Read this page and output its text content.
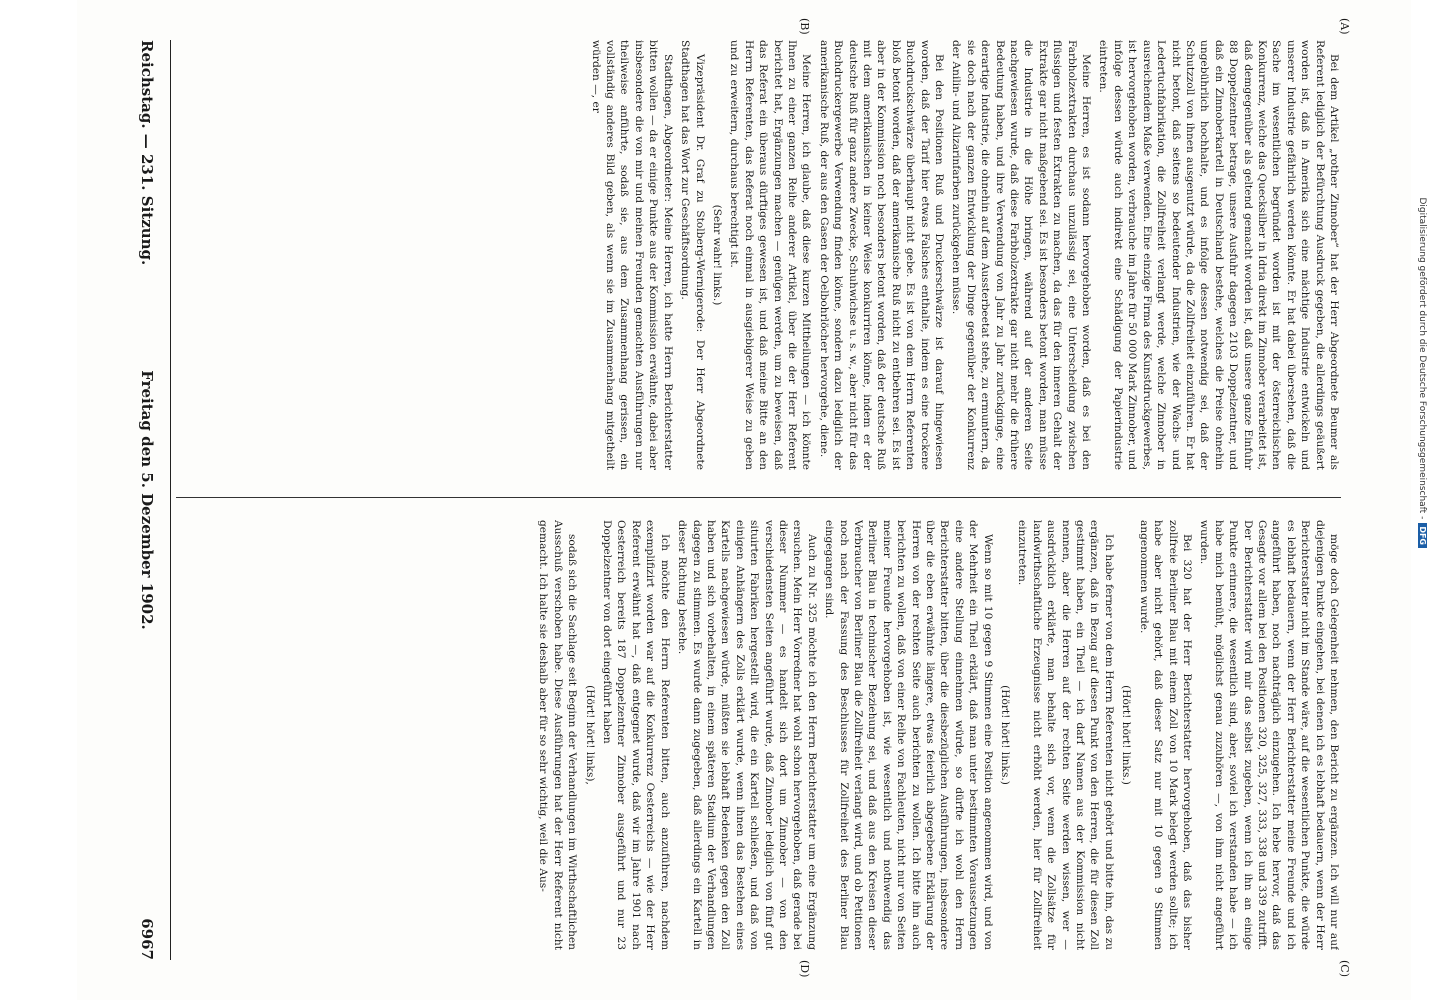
Reichstag. — 231. Sitzung.
Freitag den 5. Dezember 1902.
6967
(A)
(B)
(C)
(D)

Bei dem Artikel „rother Zinnober“ hat der Herr Abgeordnete Beumer als Referent lediglich der Befürchtung Ausdruck gegeben, die allerdings geäußert worden ist, daß in Amerika sich eine mächtige Industrie entwickeln und unserer Industrie gefährlich werden könnte. Er hat dabei übersehen, daß die Sache im wesentlichen begründet worden ist mit der österreichischen Konkurrenz, welche das Quecksilber in Idria direkt im Zinnober verarbeitet ist, daß demgegenüber als geltend gemacht worden ist, daß unsere ganze Einfuhr 88 Doppelzentner betrage, unsere Ausfuhr dagegen 2103 Doppelzentner, und daß ein Zinnoberkartell in Deutschland bestehe, welches die Preise ohnehin ungebührlich hochhalte, und es infolge dessen notwendig sei, daß der Schutzzoll von ihnen ausgenutzt würde, da die Zollfreiheit einzuführen. Er hat nicht betont, daß seitens so bedeutender Industrien, wie der Wachs- und Ledertuchfabrikation, die Zollfreiheit verlangt werde, welche Zinnober in ausreichendem Maße verwenden. Eine einzige Firma des Kunstdruckgewerbes, ist hervorgehoben worden, verbrauche im Jahre für 50 000 Mark Zinnober, und infolge dessen würde auch indirekt eine Schädigung der Papierindustrie eintreten.

Meine Herren, es ist sodann hervorgehoben worden, daß es bei den Farbholzextrakten durchaus unzulässig sei, eine Unterscheidung zwischen flüssigen und festen Extrakten zu machen, da das für den inneren Gehalt der Extrakte gar nicht maßgebend sei. Es ist besonders betont worden, man müsse die Industrie in die Höhe bringen, während auf der anderen Seite nachgewiesen wurde, daß diese Farbholzextrakte gar nicht mehr die frühere Bedeutung haben, und ihre Verwendung von Jahr zu Jahr zurückginge, eine derartige Industrie, die ohnehin auf dem Aussterbeetat stehe, zu ermuntern, da sie doch nach der ganzen Entwicklung der Dinge gegenüber der Konkurrenz der Anilin- und Alizarinfarben zurückgehen müsse.

Bei den Positionen Ruß und Druckerschwärze ist darauf hingewiesen worden, daß der Tarif hier etwas Falsches enthalte, indem es eine trockene Buchdruckschwärze überhaupt nicht gebe. Es ist von dem Herrn Referenten bloß betont worden, daß der amerikanische Ruß nicht zu entbehren sei. Es ist aber in der Kommission noch besonders betont worden, daß der deutsche Ruß mit dem amerikanischen in keiner Weise konkurriren könne, indem er der deutsche Ruß für ganz andere Zwecke, Schuhwichse u. s. w., aber nicht für das Buchdruckergewerbe Verwendung finden könne, sondern dazu lediglich der amerikanische Ruß, der aus den Gasen der Oelbohrlöcher hervorgehe, diene.

Meine Herren, ich glaube, daß diese kurzen Mittheilungen — ich könnte Ihnen zu einer ganzen Reihe anderer Artikel, über die der Herr Referent berichtet hat, Ergänzungen machen — genügen werden, um zu beweisen, daß das Referat ein überaus dürftiges gewesen ist, und daß meine Bitte an den Herrn Referenten, das Referat noch einmal in ausgiebigerer Weise zu geben und zu erweitern, durchaus berechtigt ist.

(Sehr wahr! links.)

Vizepräsident Dr. Graf zu Stolberg-Wernigerode: Der Herr Abgeordnete Stadthagen hat das Wort zur Geschäftsordnung.

Stadthagen, Abgeordneter: Meine Herren, ich hatte Herrn Berichterstatter bitten wollen — da er einige Punkte aus der Kommission erwähnte, dabei aber insbesondere die von mir und meinen Freunden gemachten Ausführungen nur theilweise anführte, sodaß sie, aus dem Zusammenhang gerissen, ein vollständig anderes Bild geben, als wenn sie im Zusammenhang mitgetheilt würden —, er

möge doch Gelegenheit nehmen, den Bericht zu ergänzen. Ich will nur auf diejenigen Punkte eingehen, bei denen ich es lebhaft bedauern, wenn der Herr Berichterstatter nicht im Stande wäre, auf die wesentlichen Punkte, die würde es lebhaft bedauern, wenn der Herr Berichterstatter meine Freunde und ich angeführt haben, noch nachträglich einzugehen. Ich hebe hervor, daß das Gesagte vor allem bei den Positionen 320, 325, 327, 333, 338 und 339 zutrifft. Der Berichterstatter wird mir das selbst zugeben, wenn ich ihn an einige Punkte erinnere, die wesentlich sind, aber, soviel ich verstanden habe — ich habe mich bemüht, möglichst genau zuzuhören —, von ihm nicht angeführt wurden.

Bei 320 hat der Herr Berichterstatter hervorgehoben, daß das bisher zollfreie Berliner Blau mit einem Zoll von 10 Mark belegt werden sollte; ich habe aber nicht gehört, daß dieser Satz nur mit 10 gegen 9 Stimmen angenommen wurde.

(Hört! hört! links.)

Ich habe ferner von dem Herrn Referenten nicht gehört und bitte ihn, das zu ergänzen, daß in Bezug auf diesen Punkt von den Herren, die für diesen Zoll gestimmt haben, ein Theil — ich darf Namen aus der Kommission nicht nennen, aber die Herren auf der rechten Seite werden wissen, wer — ausdrücklich erklärte, man behalte sich vor, wenn die Zollsätze für landwirthschaftliche Erzeugnisse nicht erhöht werden, hier für Zollfreiheit einzutreten.

(Hört! hört! links.)

Wenn so mit 10 gegen 9 Stimmen eine Position angenommen wird, und von der Mehrheit ein Theil erklärt, daß man unter bestimmten Voraussetzungen eine andere Stellung einnehmen würde, so dürfte ich wohl den Herrn Berichterstatter bitten, über die diesbezüglichen Ausführungen, insbesondere über die eben erwähnte längere, etwas feierlich abgegebene Erklärung der Herren von der rechten Seite auch berichten zu wollen. Ich bitte ihn auch berichten zu wollen, daß von einer Reihe von Fachleuten, nicht nur von Seiten meiner Freunde hervorgehoben ist, wie wesentlich und nothwendig das Berliner Blau in technischer Beziehung sei, und daß aus den Kreisen dieser Verbraucher von Berliner Blau die Zollfreiheit verlangt wird, und ob Petitionen noch nach der Fassung des Beschlusses für Zollfreiheit des Berliner Blau eingegangen sind.

Auch zu Nr. 325 möchte ich den Herrn Berichterstatter um eine Ergänzung ersuchen. Mein Herr Vorredner hat wohl schon hervorgehoben, daß gerade bei dieser Nummer — es handelt sich dort um Zinnober — von den verschiedensten Seiten angeführt wurde, daß Zinnober lediglich von fünf gut situirten Fabriken hergestellt wird, die ein Kartell schließen, und daß von einigen Anhängern des Zolls erklärt wurde, wenn ihnen das Bestehen eines Kartells nachgewiesen würde, müßten sie lebhaft Bedenken gegen den Zoll haben und sich vorbehalten, in einem späteren Stadium der Verhandlungen dagegen zu stimmen. Es wurde dann zugegeben, daß allerdings ein Kartell in dieser Richtung bestehe.

Ich möchte den Herrn Referenten bitten, auch anzuführen, nachdem exemplifizirt worden war auf die Konkurrenz Oesterreichs — wie der Herr Referent erwähnt hat —, daß entgegnet wurde, daß wir im Jahre 1901 nach Oesterreich bereits 187 Doppelzentner Zinnober ausgeführt und nur 23 Doppelzentner von dort eingeführt haben

(Hört! hört! links),

sodaß sich die Sachlage seit Beginn der Verhandlungen im Wirthschaftlichen Ausschuß verschoben habe. Diese Ausführungen hat der Herr Referent nicht gemacht. Ich halte sie deshalb aber für so sehr wichtig, weil die Aus-

Digitalisierung gefördert durch die Deutsche Forschungsgemeinschaft -DFG
